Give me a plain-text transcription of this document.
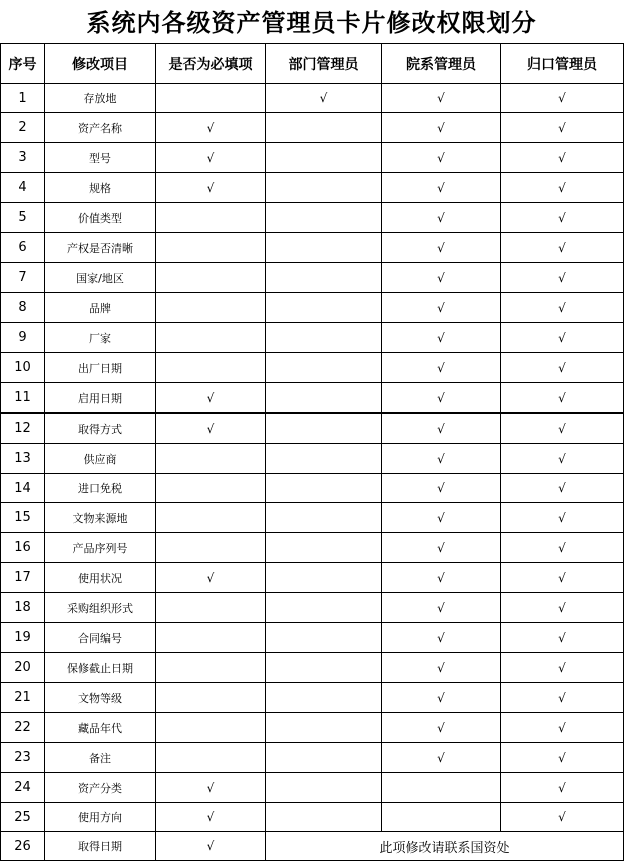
系统内各级资产管理员卡片修改权限划分
序号	修改项目	是否为必填项	部门管理员	院系管理员	归口管理员
1	存放地		√	√	√
2	资产名称	√		√	√
3	型号	√		√	√
4	规格	√		√	√
5	价值类型			√	√
6	产权是否清晰			√	√
7	国家/地区			√	√
8	品牌			√	√
9	厂家			√	√
10	出厂日期			√	√
11	启用日期	√		√	√
12	取得方式	√		√	√
13	供应商			√	√
14	进口免税			√	√
15	文物来源地			√	√
16	产品序列号			√	√
17	使用状况	√		√	√
18	采购组织形式			√	√
19	合同编号			√	√
20	保修截止日期			√	√
21	文物等级			√	√
22	藏品年代			√	√
23	备注			√	√
24	资产分类	√			√
25	使用方向	√			√
26	取得日期	√	此项修改请联系国资处		
